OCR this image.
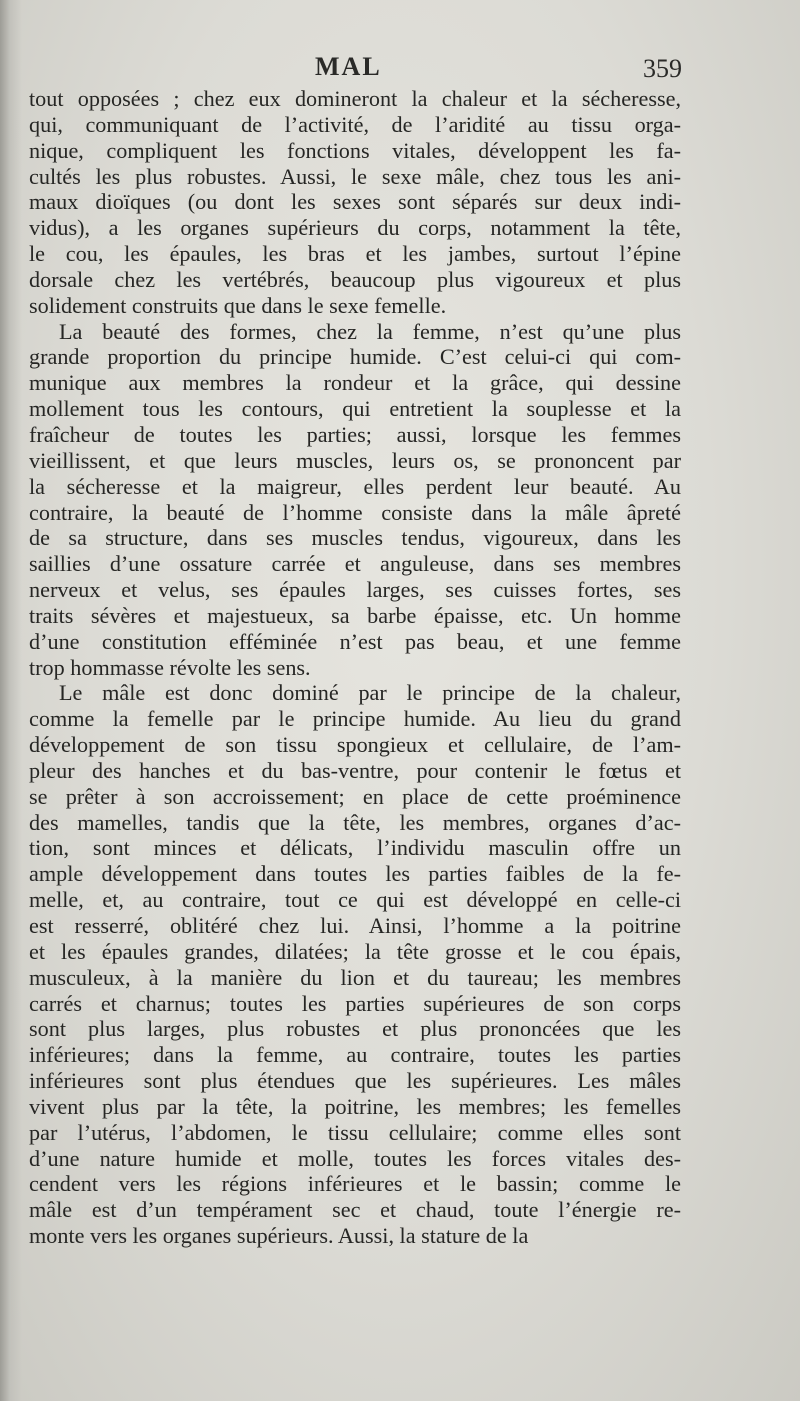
MAL	359

tout opposées ; chez eux domineront la chaleur et la sécheresse,
qui, communiquant de l’activité, de l’aridité au tissu orga-
nique, compliquent les fonctions vitales, développent les fa-
cultés les plus robustes. Aussi, le sexe mâle, chez tous les ani-
maux dioïques (ou dont les sexes sont séparés sur deux indi-
vidus), a les organes supérieurs du corps, notamment la tête,
le cou, les épaules, les bras et les jambes, surtout l’épine
dorsale chez les vertébrés, beaucoup plus vigoureux et plus
solidement construits que dans le sexe femelle.

La beauté des formes, chez la femme, n’est qu’une plus
grande proportion du principe humide. C’est celui-ci qui com-
munique aux membres la rondeur et la grâce, qui dessine
mollement tous les contours, qui entretient la souplesse et la
fraîcheur de toutes les parties; aussi, lorsque les femmes
vieillissent, et que leurs muscles, leurs os, se prononcent par
la sécheresse et la maigreur, elles perdent leur beauté. Au
contraire, la beauté de l’homme consiste dans la mâle âpreté
de sa structure, dans ses muscles tendus, vigoureux, dans les
saillies d’une ossature carrée et anguleuse, dans ses membres
nerveux et velus, ses épaules larges, ses cuisses fortes, ses
traits sévères et majestueux, sa barbe épaisse, etc. Un homme
d’une constitution efféminée n’est pas beau, et une femme
trop hommasse révolte les sens.

Le mâle est donc dominé par le principe de la chaleur,
comme la femelle par le principe humide. Au lieu du grand
développement de son tissu spongieux et cellulaire, de l’am-
pleur des hanches et du bas-ventre, pour contenir le fœtus et
se prêter à son accroissement; en place de cette proéminence
des mamelles, tandis que la tête, les membres, organes d’ac-
tion, sont minces et délicats, l’individu masculin offre un
ample développement dans toutes les parties faibles de la fe-
melle, et, au contraire, tout ce qui est développé en celle-ci
est resserré, oblitéré chez lui. Ainsi, l’homme a la poitrine
et les épaules grandes, dilatées; la tête grosse et le cou épais,
musculeux, à la manière du lion et du taureau; les membres
carrés et charnus; toutes les parties supérieures de son corps
sont plus larges, plus robustes et plus prononcées que les
inférieures; dans la femme, au contraire, toutes les parties
inférieures sont plus étendues que les supérieures. Les mâles
vivent plus par la tête, la poitrine, les membres; les femelles
par l’utérus, l’abdomen, le tissu cellulaire; comme elles sont
d’une nature humide et molle, toutes les forces vitales des-
cendent vers les régions inférieures et le bassin; comme le
mâle est d’un tempérament sec et chaud, toute l’énergie re-
monte vers les organes supérieurs. Aussi, la stature de la
